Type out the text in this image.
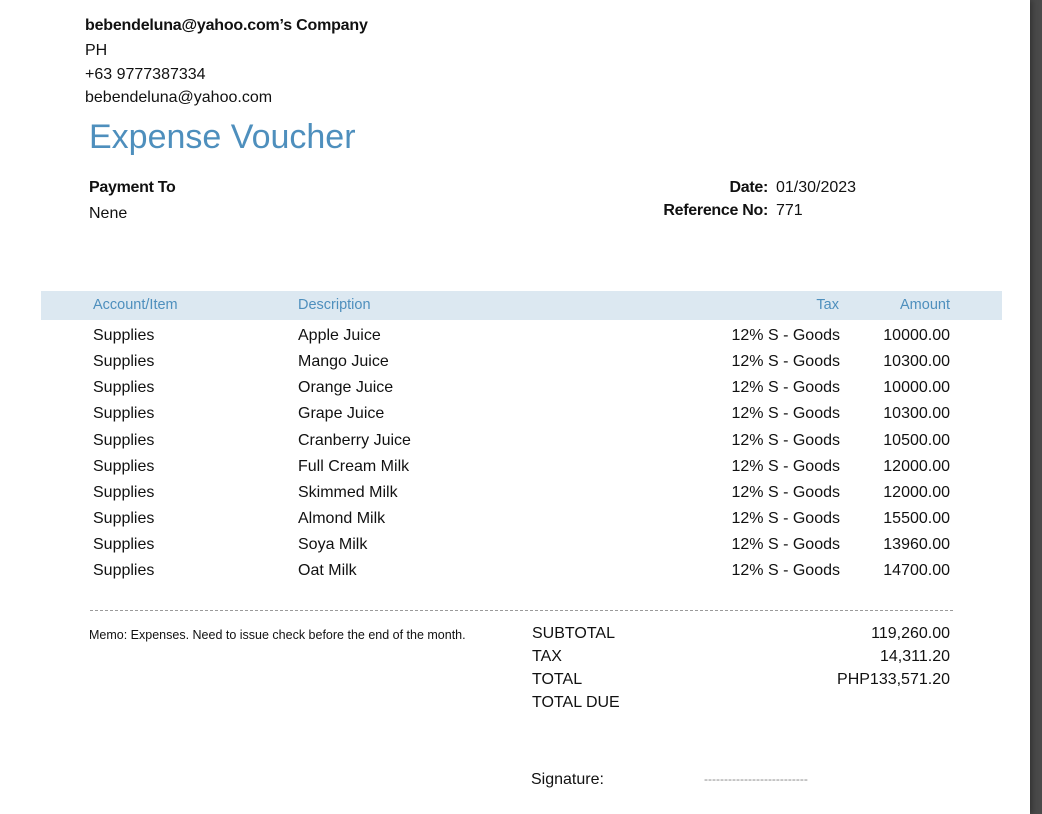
bebendeluna@yahoo.com’s Company
PH
+63 9777387334
bebendeluna@yahoo.com
Expense Voucher
Payment To
Nene
Date: 01/30/2023
Reference No: 771
Account/Item	Description	Tax	Amount
Supplies	Apple Juice	12% S - Goods	10000.00
Supplies	Mango Juice	12% S - Goods	10300.00
Supplies	Orange Juice	12% S - Goods	10000.00
Supplies	Grape Juice	12% S - Goods	10300.00
Supplies	Cranberry Juice	12% S - Goods	10500.00
Supplies	Full Cream Milk	12% S - Goods	12000.00
Supplies	Skimmed Milk	12% S - Goods	12000.00
Supplies	Almond Milk	12% S - Goods	15500.00
Supplies	Soya Milk	12% S - Goods	13960.00
Supplies	Oat Milk	12% S - Goods	14700.00
Memo: Expenses. Need to issue check before the end of the month.	SUBTOTAL	119,260.00
TAX	14,311.20
TOTAL	PHP133,571.20
TOTAL DUE
Signature:	--------------------------
